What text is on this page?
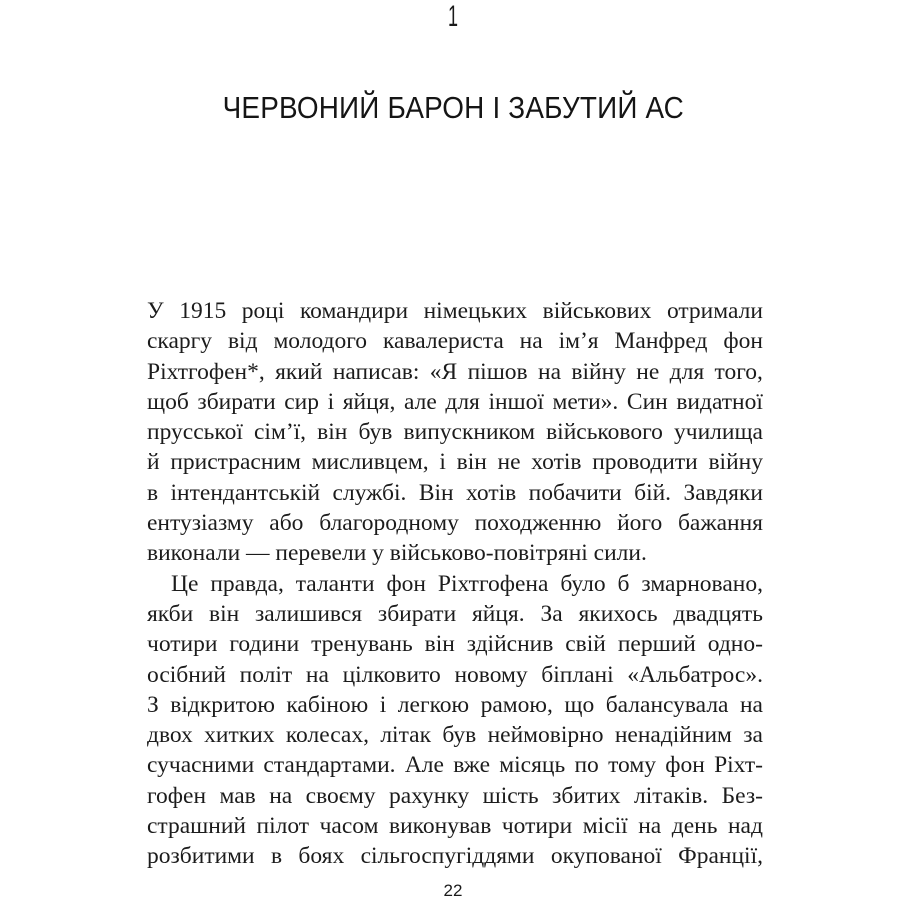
1
ЧЕРВОНИЙ БАРОН І ЗАБУТИЙ АС
У 1915 році командири німецьких військових отримали
скаргу від молодого кавалериста на ім’я Манфред фон
Ріхтгофен*, який написав: «Я пішов на війну не для того,
щоб збирати сир і яйця, але для іншої мети». Син видатної
прусської сім’ї, він був випускником військового училища
й пристрасним мисливцем, і він не хотів проводити війну
в інтендантській службі. Він хотів побачити бій. Завдяки
ентузіазму або благородному походженню його бажання
виконали — перевели у військово-повітряні сили.
Це правда, таланти фон Ріхтгофена було б змарновано,
якби він залишився збирати яйця. За якихось двадцять
чотири години тренувань він здійснив свій перший одно-
осібний політ на цілковито новому біплані «Альбатрос».
З відкритою кабіною і легкою рамою, що балансувала на
двох хитких колесах, літак був неймовірно ненадійним за
сучасними стандартами. Але вже місяць по тому фон Ріхт-
гофен мав на своєму рахунку шість збитих літаків. Без-
страшний пілот часом виконував чотири місії на день над
розбитими в боях сільгоспугіддями окупованої Франції,
22
